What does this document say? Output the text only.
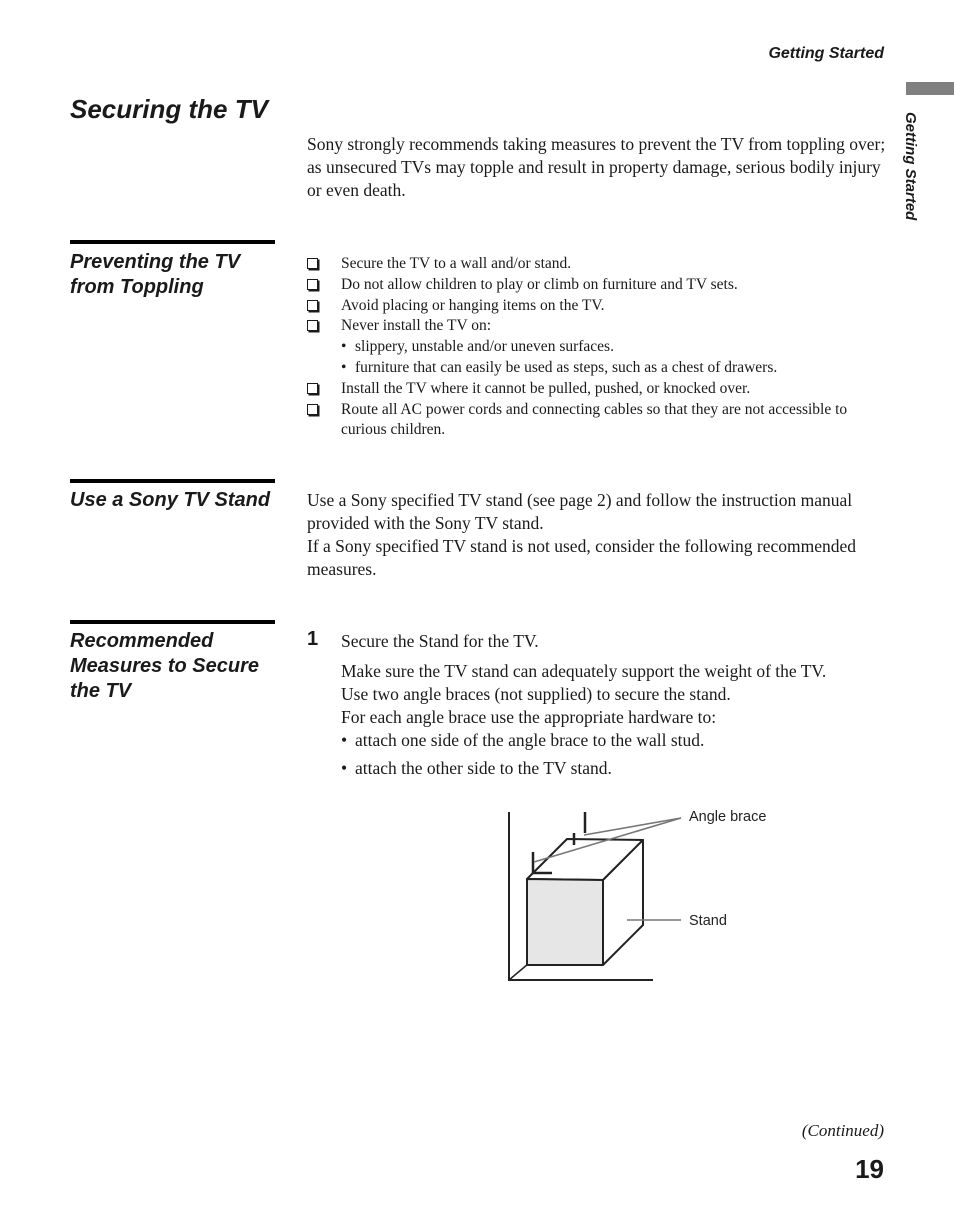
Getting Started
Getting Started
Securing the TV
Sony strongly recommends taking measures to prevent the TV from toppling over; as unsecured TVs may topple and result in property damage, serious bodily injury or even death.
Preventing the TV from Toppling
Secure the TV to a wall and/or stand.
Do not allow children to play or climb on furniture and TV sets.
Avoid placing or hanging items on the TV.
Never install the TV on:
• slippery, unstable and/or uneven surfaces.
• furniture that can easily be used as steps, such as a chest of drawers.
Install the TV where it cannot be pulled, pushed, or knocked over.
Route all AC power cords and connecting cables so that they are not accessible to curious children.
Use a Sony TV Stand	Use a Sony specified TV stand (see page 2) and follow the instruction manual provided with the Sony TV stand.

If a Sony specified TV stand is not used, consider the following recommended measures.

Recommended Measures to Secure the TV
1 Secure the Stand for the TV.

Make sure the TV stand can adequately support the weight of the TV.

Use two angle braces (not supplied) to secure the stand.

For each angle brace use the appropriate hardware to:

• attach one side of the angle brace to the wall stud.
• attach the other side to the TV stand.
Angle brace
Stand
(Continued)
19
